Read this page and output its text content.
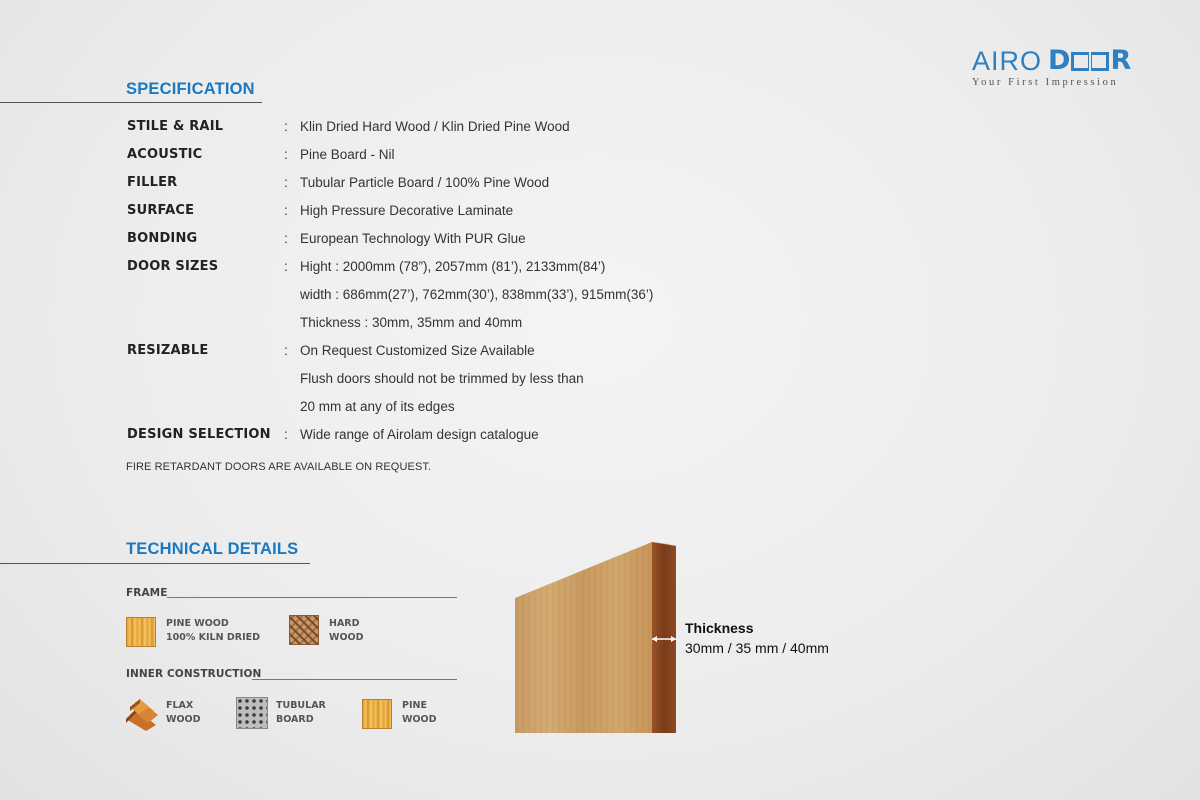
AIRO D R
Your First Impression
SPECIFICATION
STILE & RAIL	: Klin Dried Hard Wood / Klin Dried Pine Wood
ACOUSTIC	: Pine Board - Nil
FILLER	: Tubular Particle Board / 100% Pine Wood
SURFACE	: High Pressure Decorative Laminate
BONDING	: European Technology With PUR Glue
DOOR SIZES	: Hight : 2000mm (78”), 2057mm (81’), 2133mm(84’)
width : 686mm(27’), 762mm(30’), 838mm(33’), 915mm(36’)
Thickness : 30mm, 35mm and 40mm
RESIZABLE	: On Request Customized Size Available
Flush doors should not be trimmed by less than
20 mm at any of its edges
DESIGN SELECTION : Wide range of Airolam design catalogue
FIRE RETARDANT DOORS ARE AVAILABLE ON REQUEST.
TECHNICAL DETAILS
FRAME
PINE WOOD
100% KILN DRIED
HARD
WOOD
INNER CONSTRUCTION
FLAX
WOOD
TUBULAR
BOARD
PINE
WOOD
Thickness
30mm / 35 mm / 40mm
